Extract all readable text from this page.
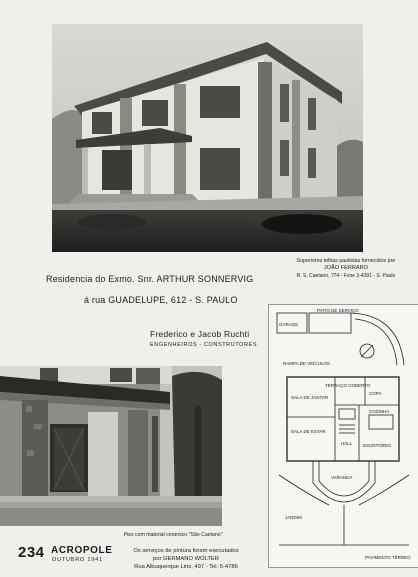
Residencia do Exmo. Snr. ARTHUR SONNERVIG
á rua GUADELUPE, 612 - S. PAULO
Frederico e Jacob Ruchti
ENGENHEIROS - CONSTRUTORES
Superiores telhas paulistas fornecidos por
JOÃO FERRARO
R. S. Caetano, 774 - Fone 3-4391 - S. Paulo
Piso com material ceramico "São Caetano"
Os serviços de pintura foram executados
por GERMANO WOLTER
Rua Albuquerque Lins, 497 - Tel. 5-4786
234 ACROPOLE
OUTUBRO 1941
GARAGE
PATIO DE SERVIÇO
RAMPA DE VEÍCULOS
TERRAÇO COBERTO
SALA DE ESTAR
SALA DE JANTAR
HALL ESCRITÓRIO
COPA
COZINHA
VARANDA
JARDIM
PAVIMENTO TÉRREO
